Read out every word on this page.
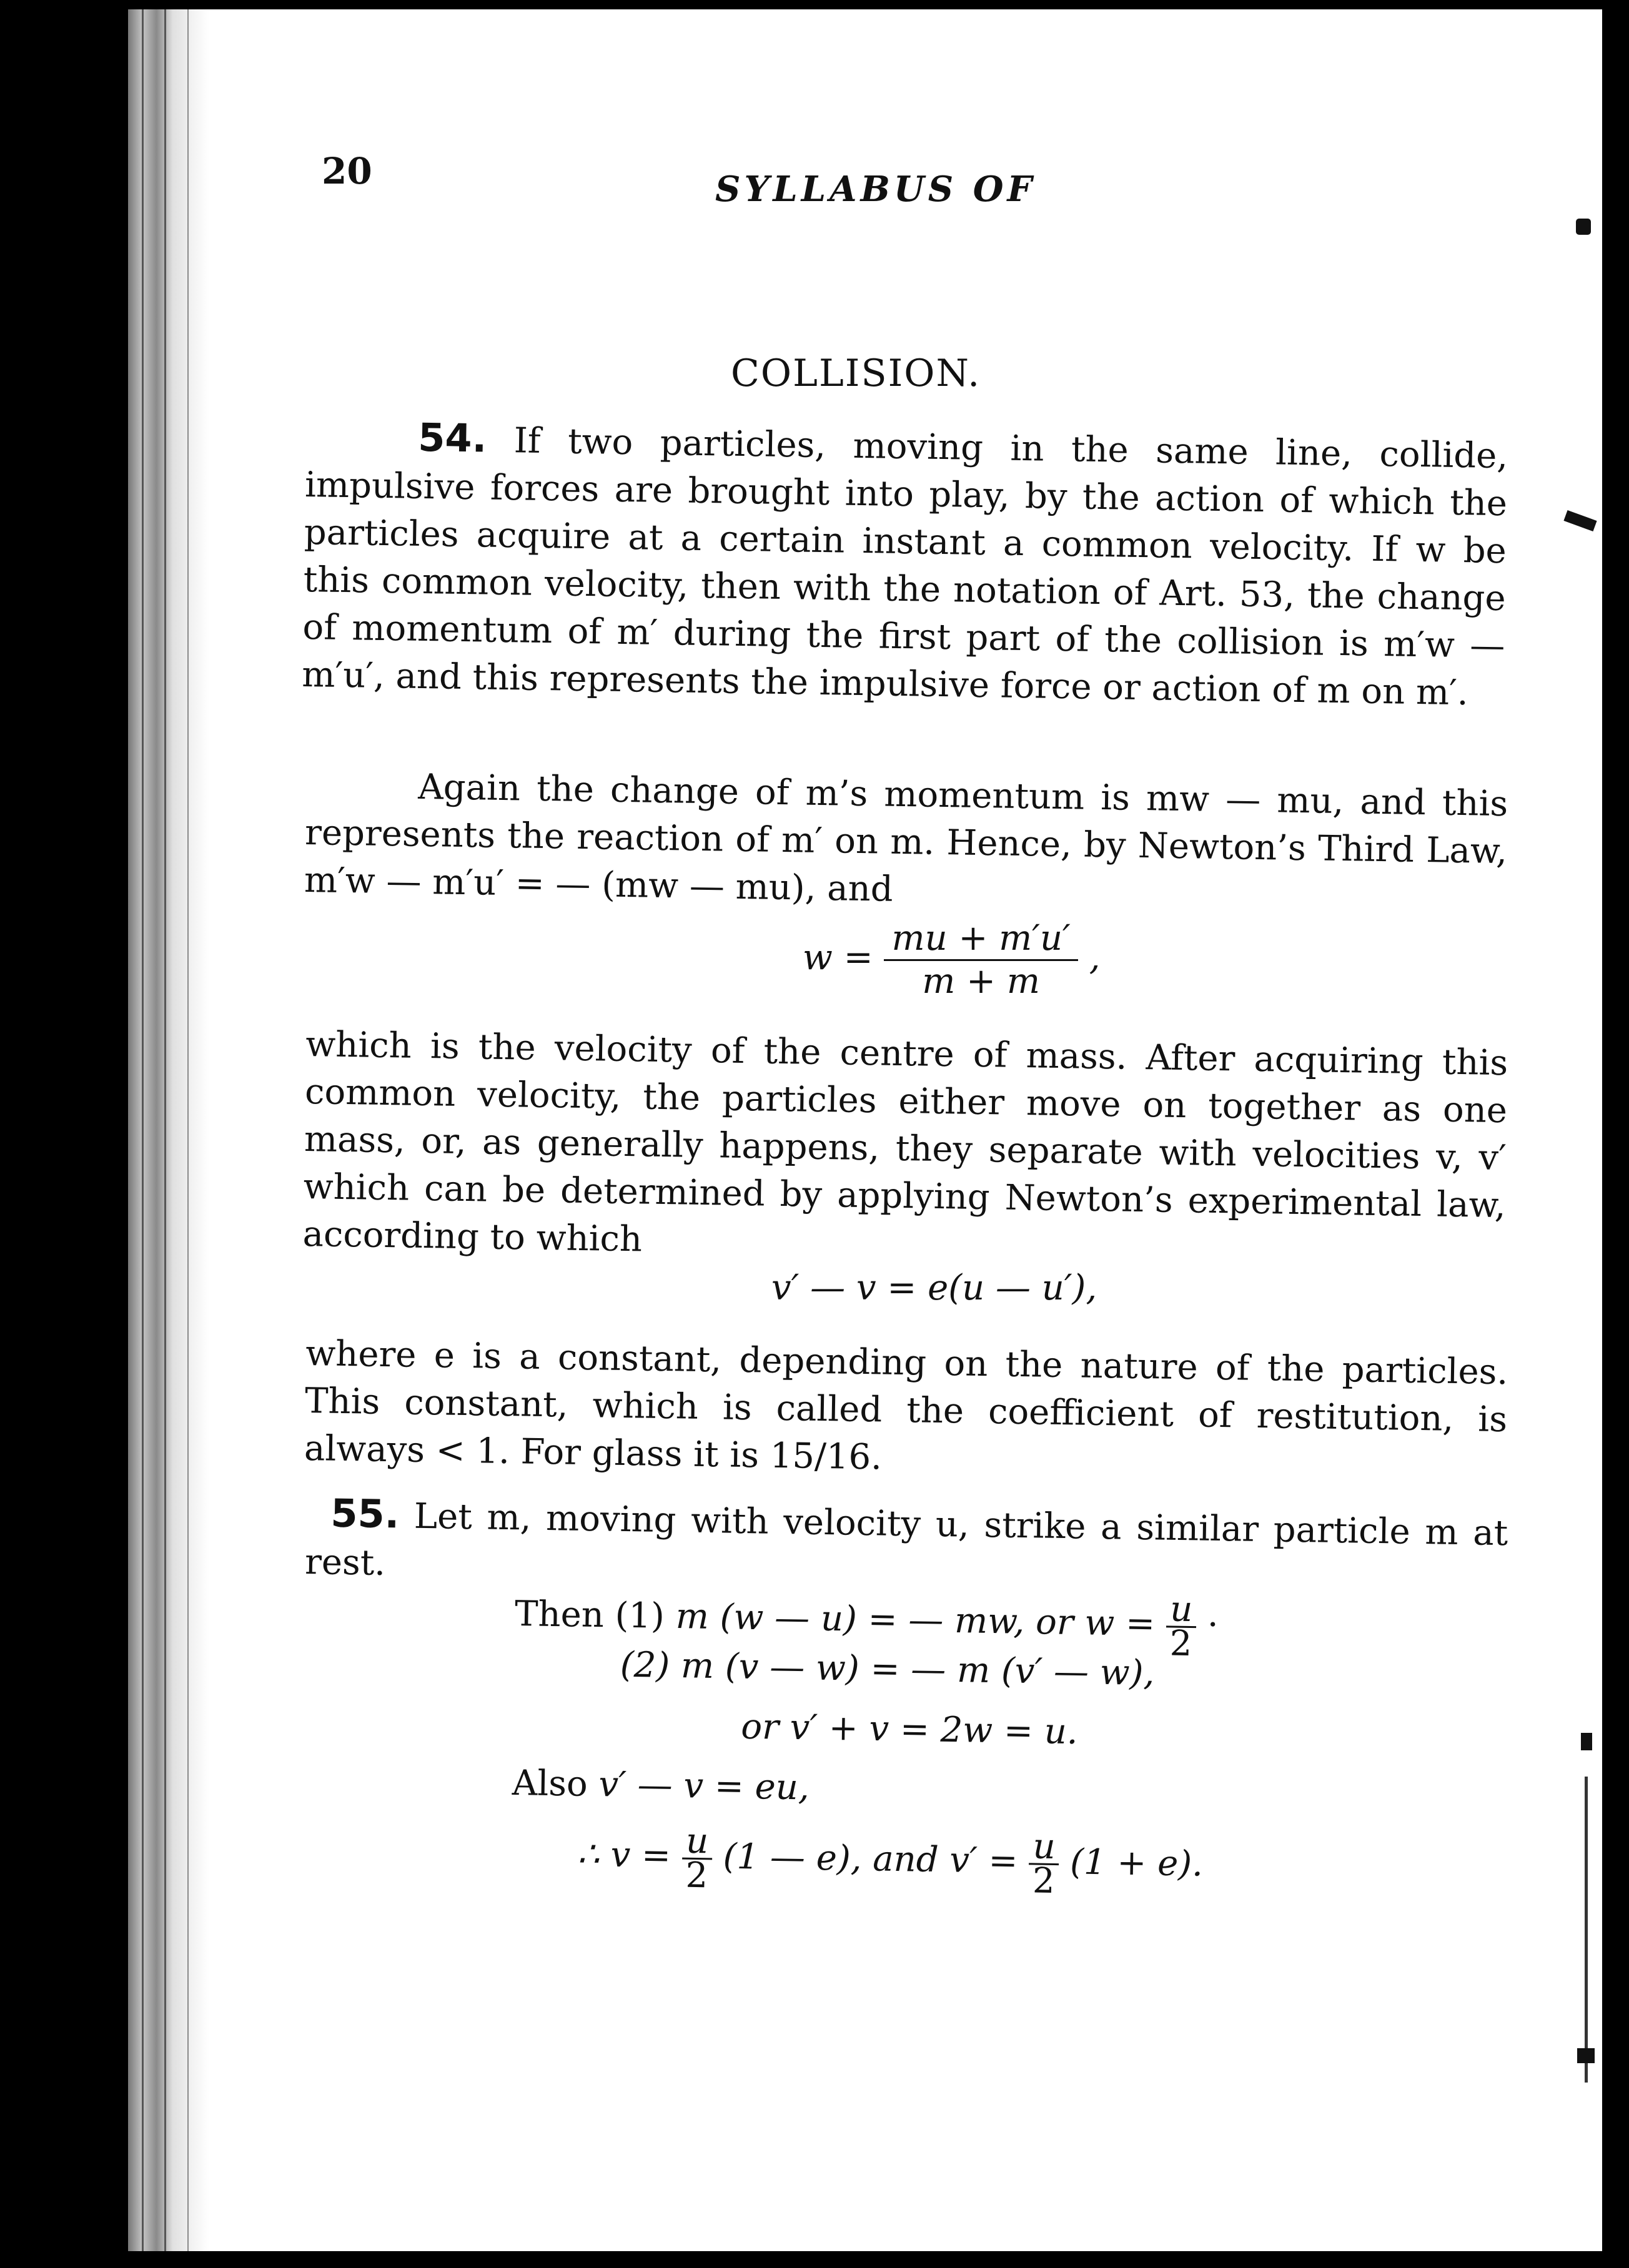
20	SYLLABUS OF
COLLISION.
54. If two particles, moving in the same line, collide, impulsive forces are brought into play, by the action of which the particles acquire at a certain instant a common velocity. If w be this common velocity, then with the notation of Art. 53, the change of momentum of m′ during the first part of the collision is m′w — m′u′, and this represents the impulsive force or action of m on m′.
Again the change of m’s momentum is mw — mu, and this represents the reaction of m′ on m. Hence, by Newton’s Third Law, m′w — m′u′ = — (mw — mu), and
$w = \frac{mu + m'u'}{m + m}$ ,
which is the velocity of the centre of mass. After acquiring this common velocity, the particles either move on together as one mass, or, as generally happens, they separate with velocities v, v′ which can be determined by applying Newton’s experimental law, according to which
v′ — v = e(u — u′),
where e is a constant, depending on the nature of the particles. This constant, which is called the coefficient of restitution, is always < 1. For glass it is 15/16.
55. Let m, moving with velocity u, strike a similar particle m at rest.
Then (1) m (w — u) = — mw, or $w = \frac{u}{2}$ ·
(2) m (v — w) = — m (v′ — w),
or v′ + v = 2w = u.
Also v′ — v = eu,
∴ $v = \frac{u}{2} (1$ — e), and $v' = \frac{u}{2} (1 + e)$.
